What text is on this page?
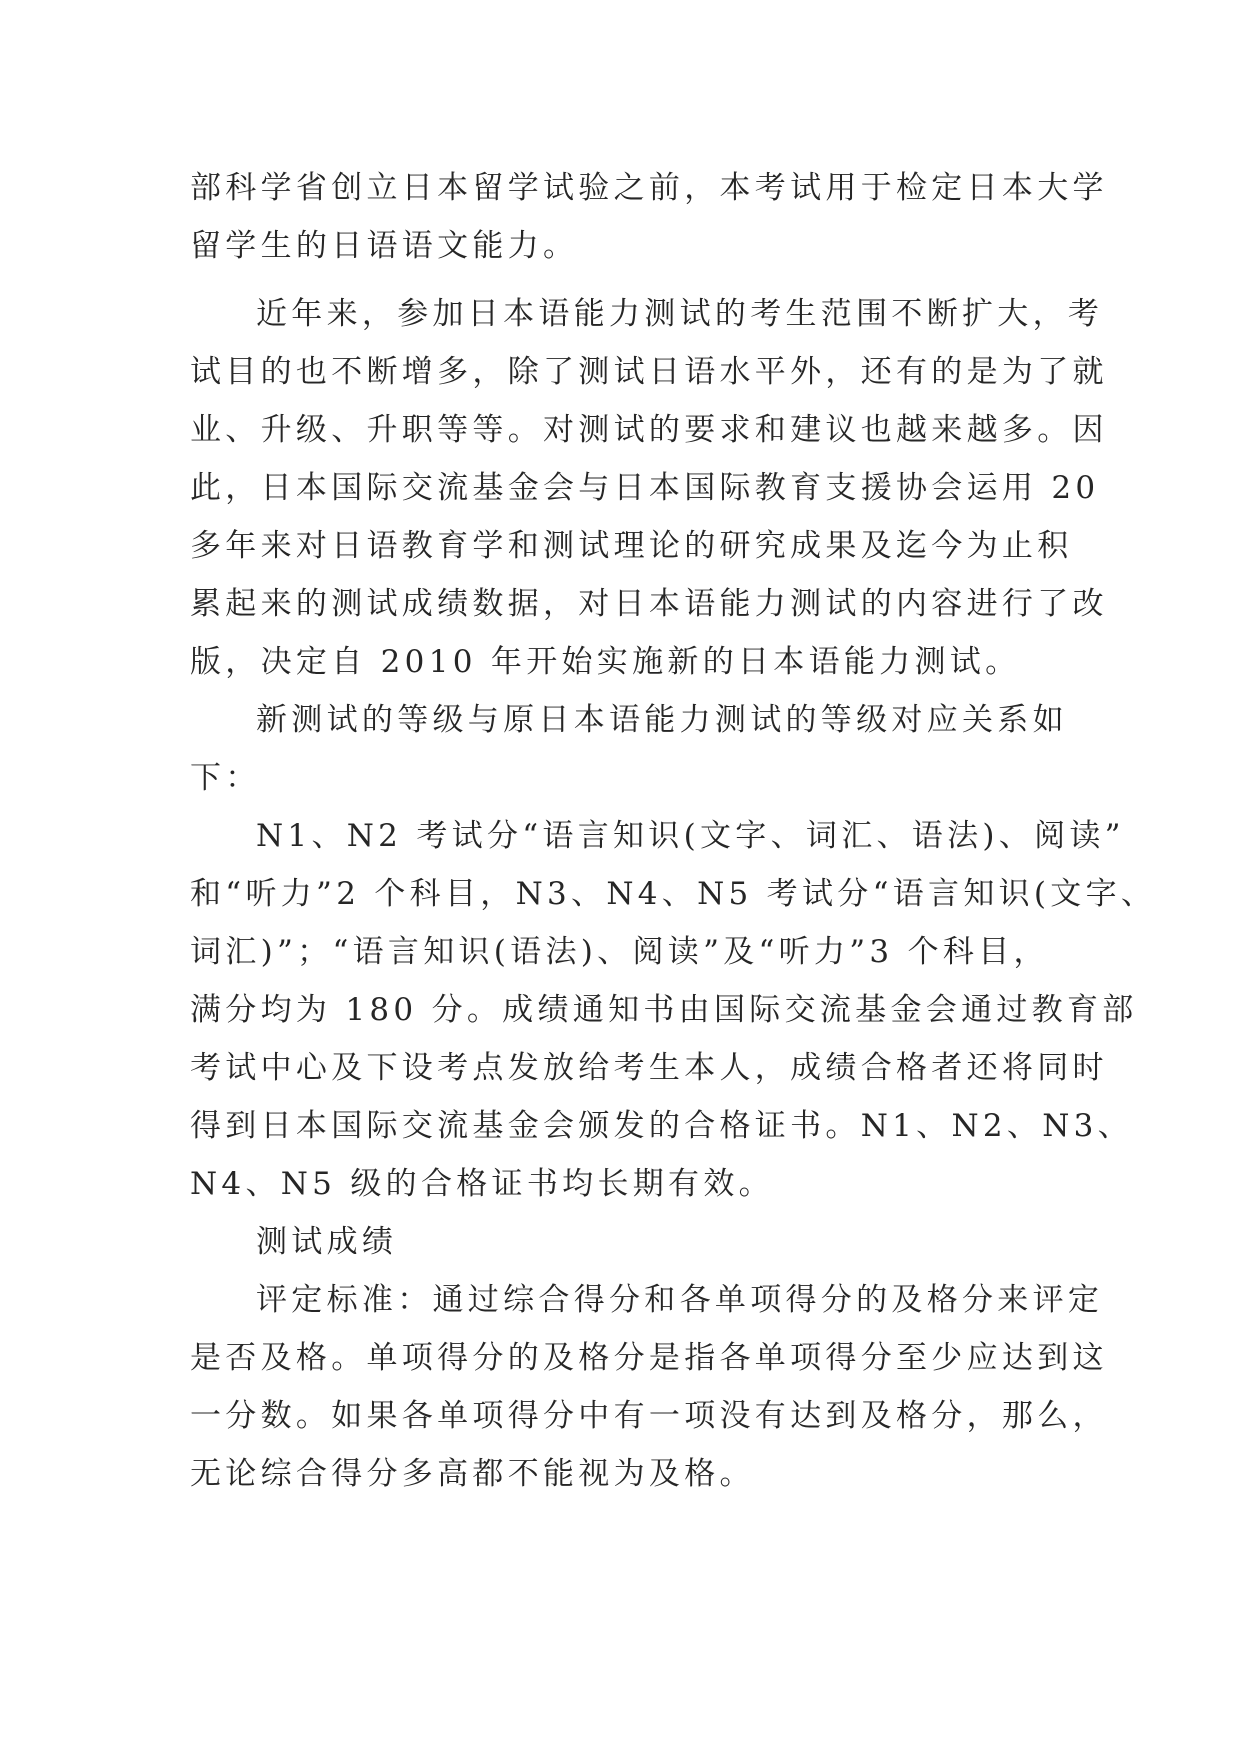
部科学省创立日本留学试验之前，本考试用于检定日本大学
留学生的日语语文能力。
近年来，参加日本语能力测试的考生范围不断扩大，考
试目的也不断增多，除了测试日语水平外，还有的是为了就
业、升级、升职等等。对测试的要求和建议也越来越多。因
此，日本国际交流基金会与日本国际教育支援协会运用 20
多年来对日语教育学和测试理论的研究成果及迄今为止积
累起来的测试成绩数据，对日本语能力测试的内容进行了改
版，决定自 2010 年开始实施新的日本语能力测试。
新测试的等级与原日本语能力测试的等级对应关系如
下：
N1、N2 考试分“语言知识(文字、词汇、语法)、阅读”
和“听力”2 个科目，N3、N4、N5 考试分“语言知识(文字、
词汇)”；“语言知识(语法)、阅读”及“听力”3 个科目，
满分均为 180 分。成绩通知书由国际交流基金会通过教育部
考试中心及下设考点发放给考生本人，成绩合格者还将同时
得到日本国际交流基金会颁发的合格证书。N1、N2、N3、
N4、N5 级的合格证书均长期有效。
测试成绩
评定标准：通过综合得分和各单项得分的及格分来评定
是否及格。单项得分的及格分是指各单项得分至少应达到这
一分数。如果各单项得分中有一项没有达到及格分，那么，
无论综合得分多高都不能视为及格。
